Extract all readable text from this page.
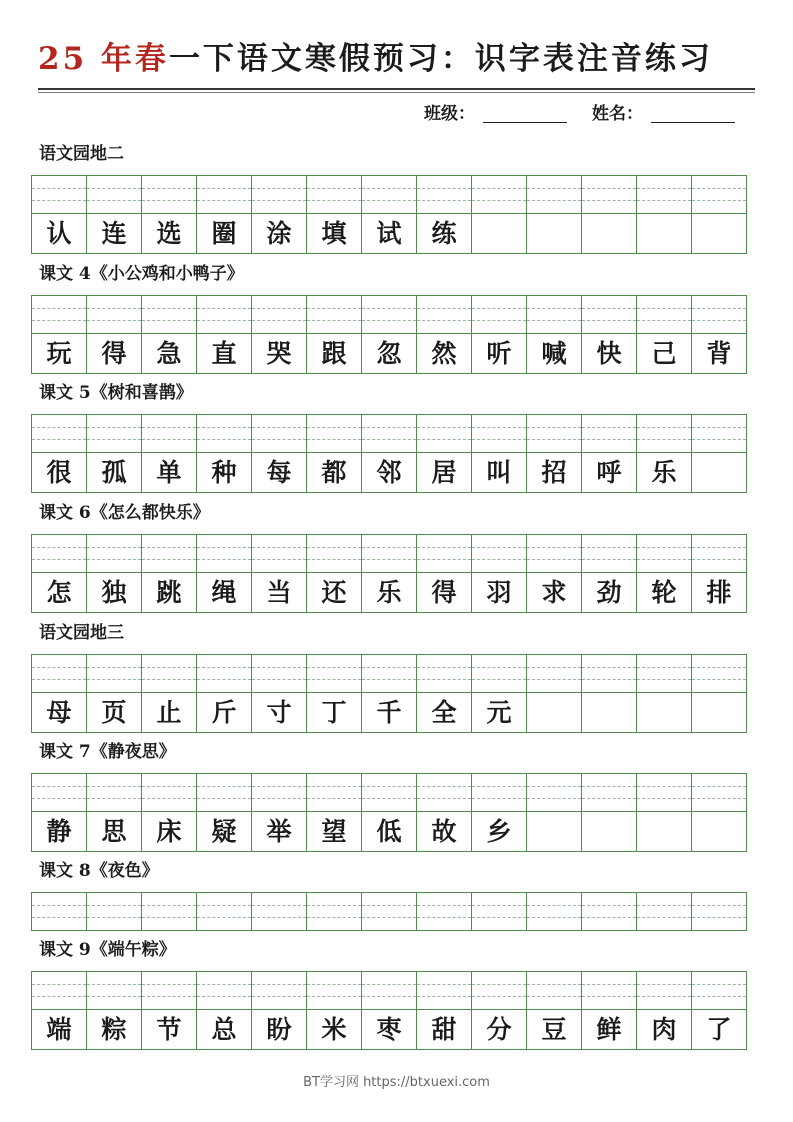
25 年春一下语文寒假预习：识字表注音练习
班级：	姓名：
BT学习网 https://btxuexi.com
语文园地二
认	连	选	圈	涂	填	试	练
课文 4《小公鸡和小鸭子》
玩	得	急	直	哭	跟	忽	然	听	喊	快	己	背
课文 5《树和喜鹊》
很	孤	单	种	每	都	邻	居	叫	招	呼	乐
课文 6《怎么都快乐》
怎	独	跳	绳	当	还	乐	得	羽	求	劲	轮	排
语文园地三
母	页	止	斤	寸	丁	千	全	元
课文 7《静夜思》
静	思	床	疑	举	望	低	故	乡
课文 8《夜色》
课文 9《端午粽》
端	粽	节	总	盼	米	枣	甜	分	豆	鲜	肉	了
